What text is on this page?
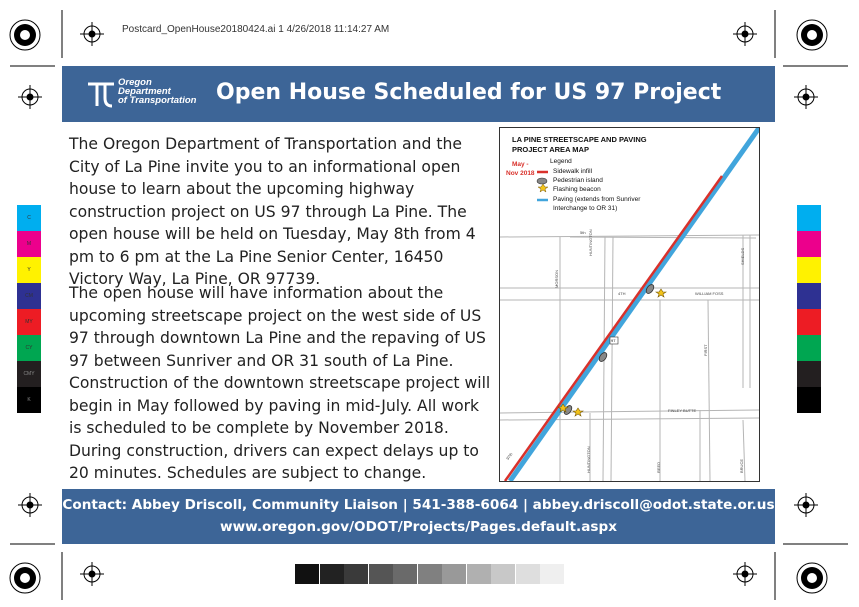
Postcard_OpenHouse20180424.ai 1 4/26/2018 11:14:27 AM
C
M
Y
CM
MY
CY
CMY
K
Oregon
Department
of Transportation Open House Scheduled for US 97 Project
The Oregon Department of Transportation and the City of La Pine invite you to an informational open house to learn about the upcoming highway construction project on US 97 through La Pine. The open house will be held on Tuesday, May 8th from 4 pm to 6 pm at the La Pine Senior Center, 16450 Victory Way, La Pine, OR 97739.
The open house will have information about the upcoming streetscape project on the west side of US 97 through downtown La Pine and the repaving of US 97 between Sunriver and OR 31 south of La Pine. Construction of the downtown streetscape project will begin in May followed by paving in mid-July. All work is scheduled to be complete by November 2018. During construction, drivers can expect delays up to 20 minutes. Schedules are subject to change.
LA PINE STREETSCAPE AND PAVING
PROJECT AREA MAP
May -
Nov 2018
Legend
Sidewalk infill
Pedestrian island
Flashing beacon
Paving (extends from Sunriver
Interchange to OR 31)
5th HUNTINGTON
MORSON
4TH	WILLIAM FOSS
SHIELDS
FIRST
FINLEY BUTTE
HUNTINGTON	REED	BRUCE
97
97th
Contact: Abbey Driscoll, Community Liaison | 541-388-6064 | abbey.driscoll@odot.state.or.us
www.oregon.gov/ODOT/Projects/Pages.default.aspx
